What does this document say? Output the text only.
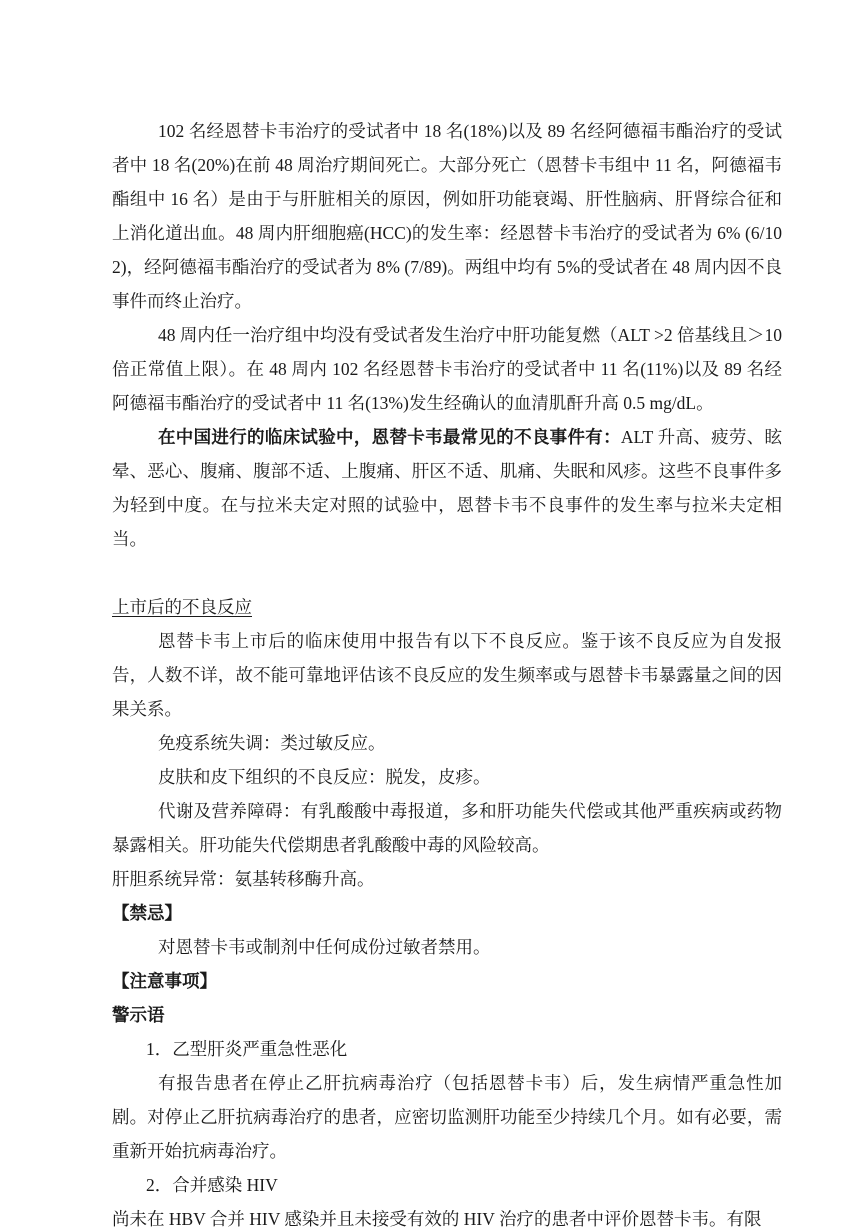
102 名经恩替卡韦治疗的受试者中 18 名(18%)以及 89 名经阿德福韦酯治疗的受试者中 18 名(20%)在前 48 周治疗期间死亡。大部分死亡（恩替卡韦组中 11 名，阿德福韦酯组中 16 名）是由于与肝脏相关的原因，例如肝功能衰竭、肝性脑病、肝肾综合征和上消化道出血。48 周内肝细胞癌(HCC)的发生率：经恩替卡韦治疗的受试者为 6% (6/102)，经阿德福韦酯治疗的受试者为 8% (7/89)。两组中均有 5%的受试者在 48 周内因不良事件而终止治疗。

48 周内任一治疗组中均没有受试者发生治疗中肝功能复燃（ALT >2 倍基线且＞10 倍正常值上限）。在 48 周内 102 名经恩替卡韦治疗的受试者中 11 名(11%)以及 89 名经阿德福韦酯治疗的受试者中 11 名(13%)发生经确认的血清肌酐升高 0.5 mg/dL。

在中国进行的临床试验中，恩替卡韦最常见的不良事件有：ALT 升高、疲劳、眩晕、恶心、腹痛、腹部不适、上腹痛、肝区不适、肌痛、失眠和风疹。这些不良事件多为轻到中度。在与拉米夫定对照的试验中，恩替卡韦不良事件的发生率与拉米夫定相当。

上市后的不良反应

恩替卡韦上市后的临床使用中报告有以下不良反应。鉴于该不良反应为自发报告，人数不详，故不能可靠地评估该不良反应的发生频率或与恩替卡韦暴露量之间的因果关系。

免疫系统失调：类过敏反应。

皮肤和皮下组织的不良反应：脱发，皮疹。

代谢及营养障碍：有乳酸酸中毒报道，多和肝功能失代偿或其他严重疾病或药物暴露相关。肝功能失代偿期患者乳酸酸中毒的风险较高。

肝胆系统异常：氨基转移酶升高。

【禁忌】

对恩替卡韦或制剂中任何成份过敏者禁用。

【注意事项】

警示语

1．乙型肝炎严重急性恶化

有报告患者在停止乙肝抗病毒治疗（包括恩替卡韦）后，发生病情严重急性加剧。对停止乙肝抗病毒治疗的患者，应密切监测肝功能至少持续几个月。如有必要，需重新开始抗病毒治疗。

2．合并感染 HIV

尚未在 HBV 合并 HIV 感染并且未接受有效的 HIV 治疗的患者中评价恩替卡韦。有限
